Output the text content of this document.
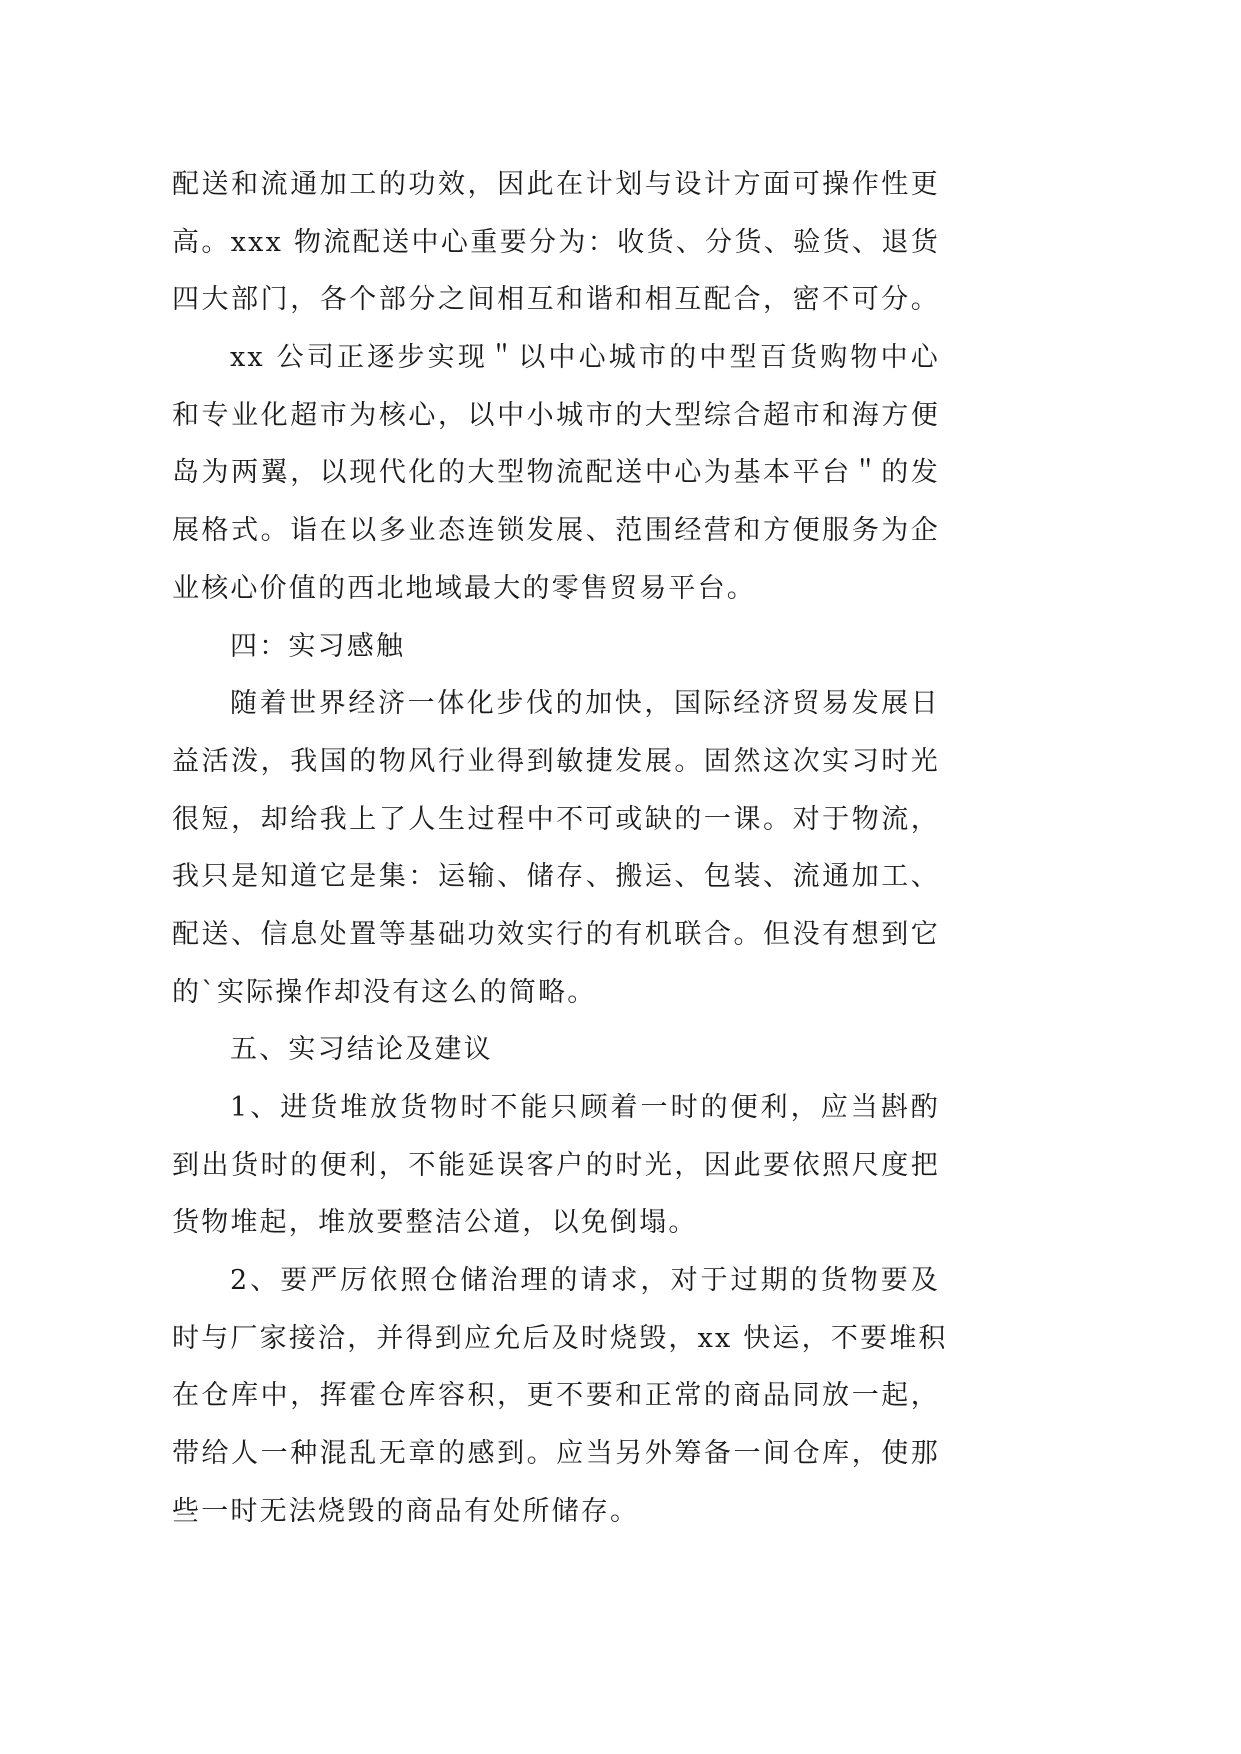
配送和流通加工的功效，因此在计划与设计方面可操作性更
高。xxx 物流配送中心重要分为：收货、分货、验货、退货
四大部门，各个部分之间相互和谐和相互配合，密不可分。
xx 公司正逐步实现＂以中心城市的中型百货购物中心
和专业化超市为核心，以中小城市的大型综合超市和海方便
岛为两翼，以现代化的大型物流配送中心为基本平台＂的发
展格式。诣在以多业态连锁发展、范围经营和方便服务为企
业核心价值的西北地域最大的零售贸易平台。
四：实习感触
随着世界经济一体化步伐的加快，国际经济贸易发展日
益活泼，我国的物风行业得到敏捷发展。固然这次实习时光
很短，却给我上了人生过程中不可或缺的一课。对于物流，
我只是知道它是集：运输、储存、搬运、包装、流通加工、
配送、信息处置等基础功效实行的有机联合。但没有想到它
的`实际操作却没有这么的简略。
五、实习结论及建议
1、进货堆放货物时不能只顾着一时的便利，应当斟酌
到出货时的便利，不能延误客户的时光，因此要依照尺度把
货物堆起，堆放要整洁公道，以免倒塌。
2、要严厉依照仓储治理的请求，对于过期的货物要及
时与厂家接洽，并得到应允后及时烧毁，xx 快运，不要堆积
在仓库中，挥霍仓库容积，更不要和正常的商品同放一起，
带给人一种混乱无章的感到。应当另外筹备一间仓库，使那
些一时无法烧毁的商品有处所储存。
